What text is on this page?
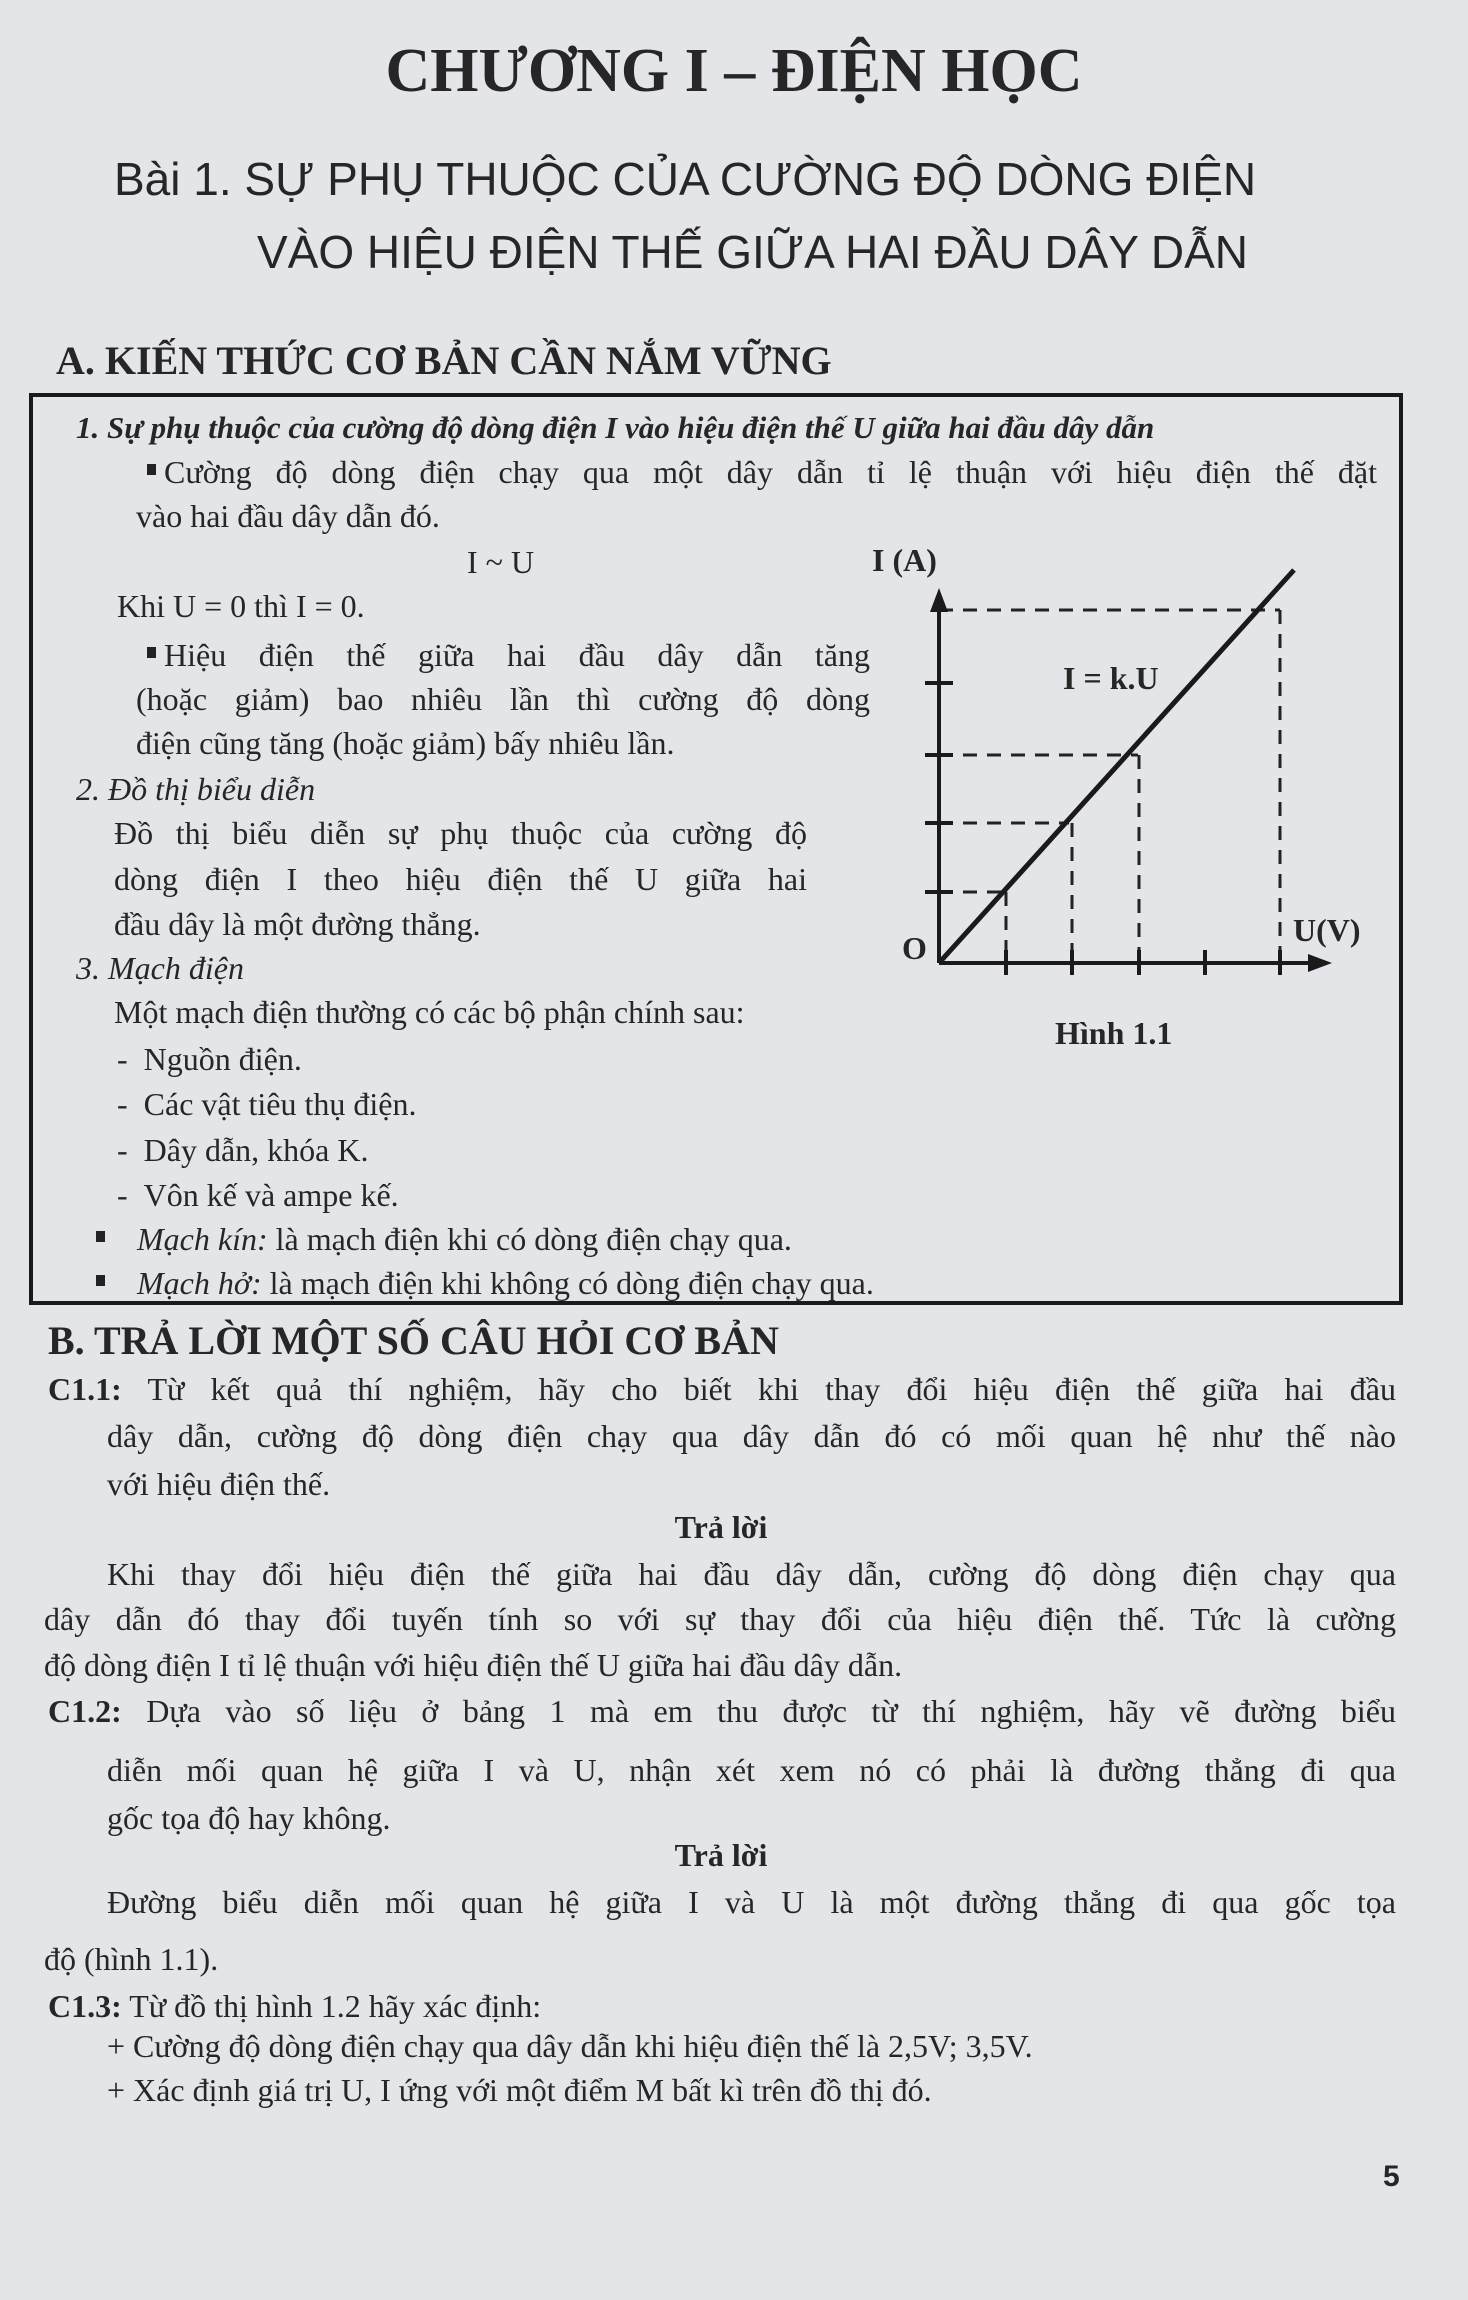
CHƯƠNG I – ĐIỆN HỌC
Bài 1. SỰ PHỤ THUỘC CỦA CƯỜNG ĐỘ DÒNG ĐIỆN
VÀO HIỆU ĐIỆN THẾ GIỮA HAI ĐẦU DÂY DẪN
A. KIẾN THỨC CƠ BẢN CẦN NẮM VỮNG
1. Sự phụ thuộc của cường độ dòng điện I vào hiệu điện thế U giữa hai đầu dây dẫn
Cường độ dòng điện chạy qua một dây dẫn tỉ lệ thuận với hiệu điện thế đặt
vào hai đầu dây dẫn đó.
I ~ U
Khi U = 0 thì I = 0.
Hiệu điện thế giữa hai đầu dây dẫn tăng
(hoặc giảm) bao nhiêu lần thì cường độ dòng
điện cũng tăng (hoặc giảm) bấy nhiêu lần.
2. Đồ thị biểu diễn
Đồ thị biểu diễn sự phụ thuộc của cường độ
dòng điện I theo hiệu điện thế U giữa hai
đầu dây là một đường thẳng.
3. Mạch điện
Một mạch điện thường có các bộ phận chính sau:
-  Nguồn điện.
-  Các vật tiêu thụ điện.
-  Dây dẫn, khóa K.
-  Vôn kế và ampe kế.
Mạch kín: là mạch điện khi có dòng điện chạy qua.
Mạch hở: là mạch điện khi không có dòng điện chạy qua.
I (A)
I = k.U
U(V)
O
Hình 1.1
B. TRẢ LỜI MỘT SỐ CÂU HỎI CƠ BẢN
C1.1: Từ kết quả thí nghiệm, hãy cho biết khi thay đổi hiệu điện thế giữa hai đầu
dây dẫn, cường độ dòng điện chạy qua dây dẫn đó có mối quan hệ như thế nào
với hiệu điện thế.
Trả lời
Khi thay đổi hiệu điện thế giữa hai đầu dây dẫn, cường độ dòng điện chạy qua
dây dẫn đó thay đổi tuyến tính so với sự thay đổi của hiệu điện thế. Tức là cường
độ dòng điện I tỉ lệ thuận với hiệu điện thế U giữa hai đầu dây dẫn.
C1.2: Dựa vào số liệu ở bảng 1 mà em thu được từ thí nghiệm, hãy vẽ đường biểu
diễn mối quan hệ giữa I và U, nhận xét xem nó có phải là đường thẳng đi qua
gốc tọa độ hay không.
Trả lời
Đường biểu diễn mối quan hệ giữa I và U là một đường thẳng đi qua gốc tọa
độ (hình 1.1).
C1.3: Từ đồ thị hình 1.2 hãy xác định:
+ Cường độ dòng điện chạy qua dây dẫn khi hiệu điện thế là 2,5V; 3,5V.
+ Xác định giá trị U, I ứng với một điểm M bất kì trên đồ thị đó.
5
